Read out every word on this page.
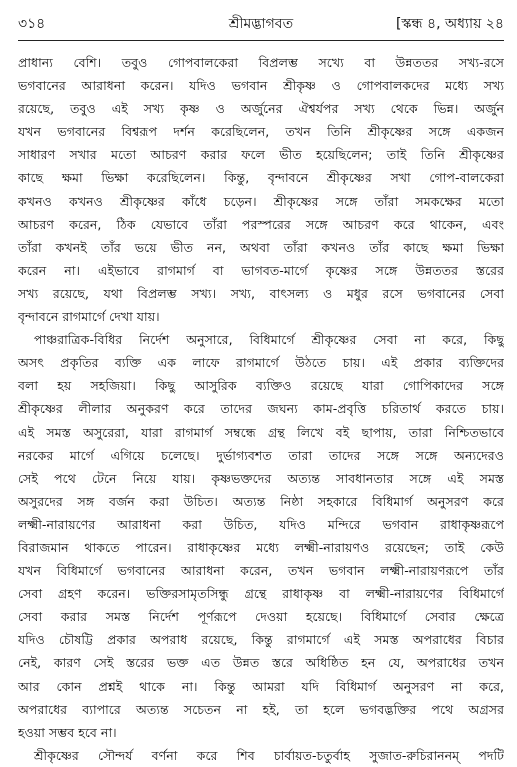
৩১৪	শ্রীমদ্ভাগবত	[স্কন্ধ ৪, অধ্যায় ২৪
প্রাধান্য বেশি। তবুও গোপবালকেরা বিপ্রলম্ভ সখ্যে বা উন্নততর সখ্য-রসে
ভগবানের আরাধনা করেন। যদিও ভগবান শ্রীকৃষ্ণ ও গোপবালকদের মধ্যে সখ্য
রয়েছে, তবুও এই সখ্য কৃষ্ণ ও অর্জুনের ঐশ্বর্যপর সখ্য থেকে ভিন্ন। অর্জুন
যখন ভগবানের বিশ্বরূপ দর্শন করেছিলেন, তখন তিনি শ্রীকৃষ্ণের সঙ্গে একজন
সাধারণ সখার মতো আচরণ করার ফলে ভীত হয়েছিলেন; তাই তিনি শ্রীকৃষ্ণের
কাছে ক্ষমা ভিক্ষা করেছিলেন। কিন্তু, বৃন্দাবনে শ্রীকৃষ্ণের সখা গোপ-বালকেরা
কখনও কখনও শ্রীকৃষ্ণের কাঁধে চড়েন। শ্রীকৃষ্ণের সঙ্গে তাঁরা সমকক্ষের মতো
আচরণ করেন, ঠিক যেভাবে তাঁরা পরস্পরের সঙ্গে আচরণ করে থাকেন, এবং
তাঁরা কখনই তাঁর ভয়ে ভীত নন, অথবা তাঁরা কখনও তাঁর কাছে ক্ষমা ভিক্ষা
করেন না। এইভাবে রাগমার্গ বা ভাগবত-মার্গে কৃষ্ণের সঙ্গে উন্নততর স্তরের
সখ্য রয়েছে, যথা বিপ্রলম্ভ সখ্য। সখ্য, বাৎসল্য ও মধুর রসে ভগবানের সেবা
বৃন্দাবনে রাগমার্গে দেখা যায়।
পাঞ্চরাত্রিক-বিধির নির্দেশ অনুসারে, বিধিমার্গে শ্রীকৃষ্ণের সেবা না করে, কিছু
অসৎ প্রকৃতির ব্যক্তি এক লাফে রাগমার্গে উঠতে চায়। এই প্রকার ব্যক্তিদের
বলা হয় সহজিয়া। কিছু আসুরিক ব্যক্তিও রয়েছে যারা গোপিকাদের সঙ্গে
শ্রীকৃষ্ণের লীলার অনুকরণ করে তাদের জঘন্য কাম-প্রবৃত্তি চরিতার্থ করতে চায়।
এই সমস্ত অসুরেরা, যারা রাগমার্গ সম্বন্ধে গ্রন্থ লিখে বই ছাপায়, তারা নিশ্চিতভাবে
নরকের মার্গে এগিয়ে চলেছে। দুর্ভাগ্যবশত তারা তাদের সঙ্গে সঙ্গে অন্যদেরও
সেই পথে টেনে নিয়ে যায়। কৃষ্ণভক্তদের অত্যন্ত সাবধানতার সঙ্গে এই সমস্ত
অসুরদের সঙ্গ বর্জন করা উচিত। অত্যন্ত নিষ্ঠা সহকারে বিধিমার্গ অনুসরণ করে
লক্ষ্মী-নারায়ণের আরাধনা করা উচিত, যদিও মন্দিরে ভগবান রাধাকৃষ্ণরূপে
বিরাজমান থাকতে পারেন। রাধাকৃষ্ণের মধ্যে লক্ষ্মী-নারায়ণও রয়েছেন; তাই কেউ
যখন বিধিমার্গে ভগবানের আরাধনা করেন, তখন ভগবান লক্ষ্মী-নারায়ণরূপে তাঁর
সেবা গ্রহণ করেন। ভক্তিরসামৃতসিন্ধু গ্রন্থে রাধাকৃষ্ণ বা লক্ষ্মী-নারায়ণের বিধিমার্গে
সেবা করার সমস্ত নির্দেশ পূর্ণরূপে দেওয়া হয়েছে। বিধিমার্গে সেবার ক্ষেত্রে
যদিও চৌষট্টি প্রকার অপরাধ রয়েছে, কিন্তু রাগমার্গে এই সমস্ত অপরাধের বিচার
নেই, কারণ সেই স্তরের ভক্ত এত উন্নত স্তরে অধিষ্ঠিত হন যে, অপরাধের তখন
আর কোন প্রশ্নই থাকে না। কিন্তু আমরা যদি বিধিমার্গ অনুসরণ না করে,
অপরাধের ব্যাপারে অত্যন্ত সচেতন না হই, তা হলে ভগবদ্ভক্তির পথে অগ্রসর
হওয়া সম্ভব হবে না।
শ্রীকৃষ্ণের সৌন্দর্য বর্ণনা করে শিব চার্বায়ত-চতুর্বাহ সুজাত-রুচিরাননম্ পদটি
